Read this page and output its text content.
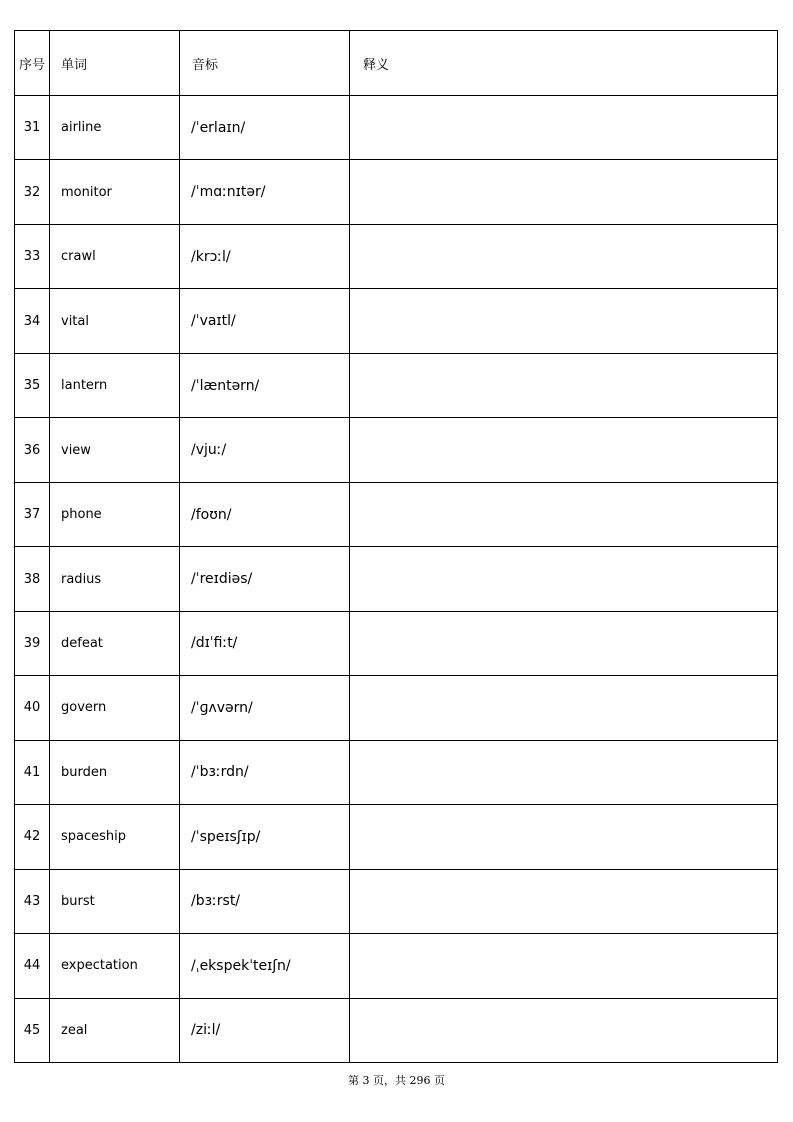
序号	单词	音标	释义
31	airline	/ˈerlaɪn/	
32	monitor	/ˈmɑːnɪtər/	
33	crawl	/krɔːl/	
34	vital	/ˈvaɪtl/	
35	lantern	/ˈlæntərn/	
36	view	/vjuː/	
37	phone	/foʊn/	
38	radius	/ˈreɪdiəs/	
39	defeat	/dɪˈfiːt/	
40	govern	/ˈɡʌvərn/	
41	burden	/ˈbɜːrdn/	
42	spaceship	/ˈspeɪsʃɪp/	
43	burst	/bɜːrst/	
44	expectation	/ˌekspekˈteɪʃn/	
45	zeal	/ziːl/	
第 3 页，共 296 页
